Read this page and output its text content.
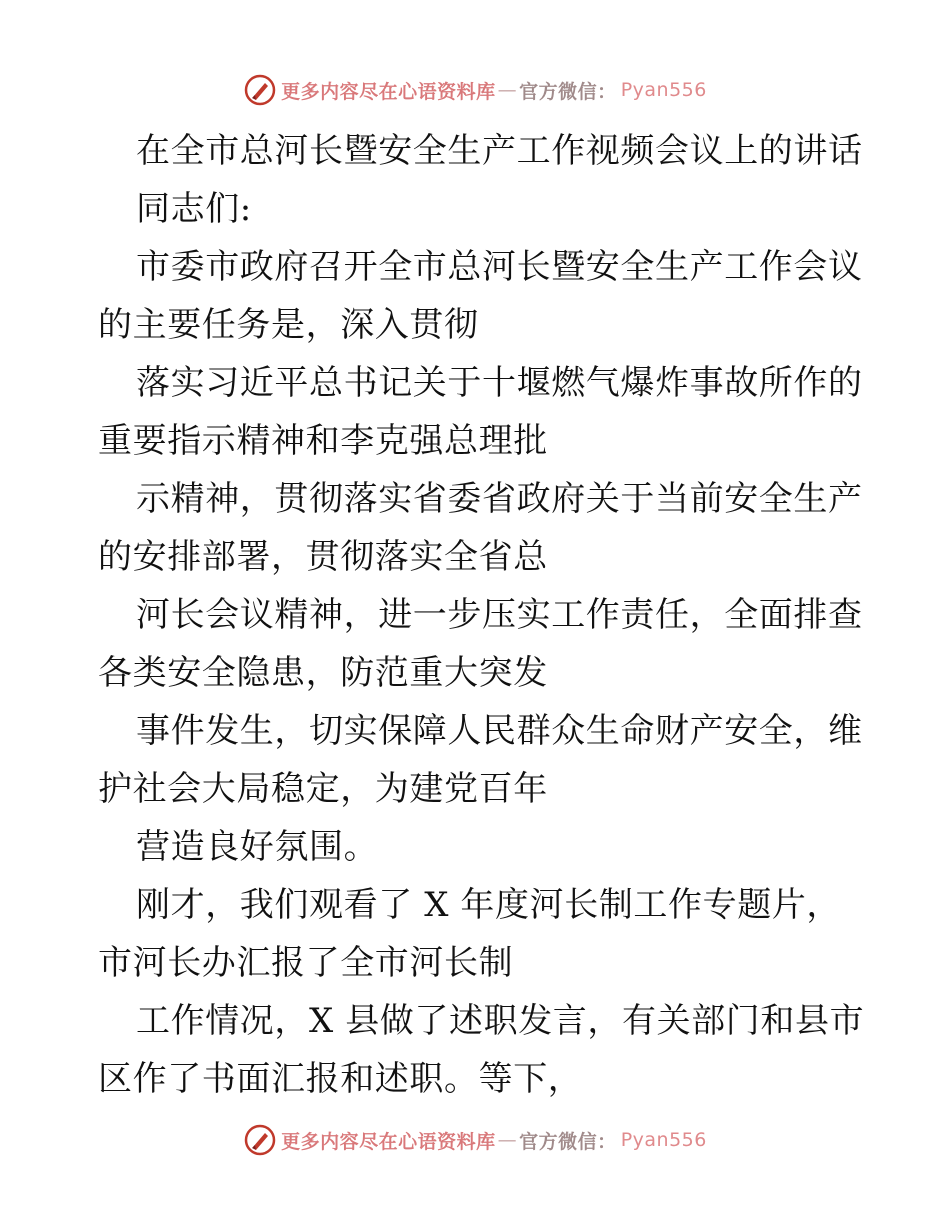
更多内容尽在心语资料库 — 官方微信： Pyan556
在全市总河长暨安全生产工作视频会议上的讲话
同志们:
市委市政府召开全市总河长暨安全生产工作会议
的主要任务是，深入贯彻
落实习近平总书记关于十堰燃气爆炸事故所作的
重要指示精神和李克强总理批
示精神，贯彻落实省委省政府关于当前安全生产
的安排部署，贯彻落实全省总
河长会议精神，进一步压实工作责任，全面排查
各类安全隐患，防范重大突发
事件发生，切实保障人民群众生命财产安全，维
护社会大局稳定，为建党百年
营造良好氛围。
刚才，我们观看了 X 年度河长制工作专题片，
市河长办汇报了全市河长制
工作情况，X 县做了述职发言，有关部门和县市
区作了书面汇报和述职。等下，
更多内容尽在心语资料库 — 官方微信： Pyan556
